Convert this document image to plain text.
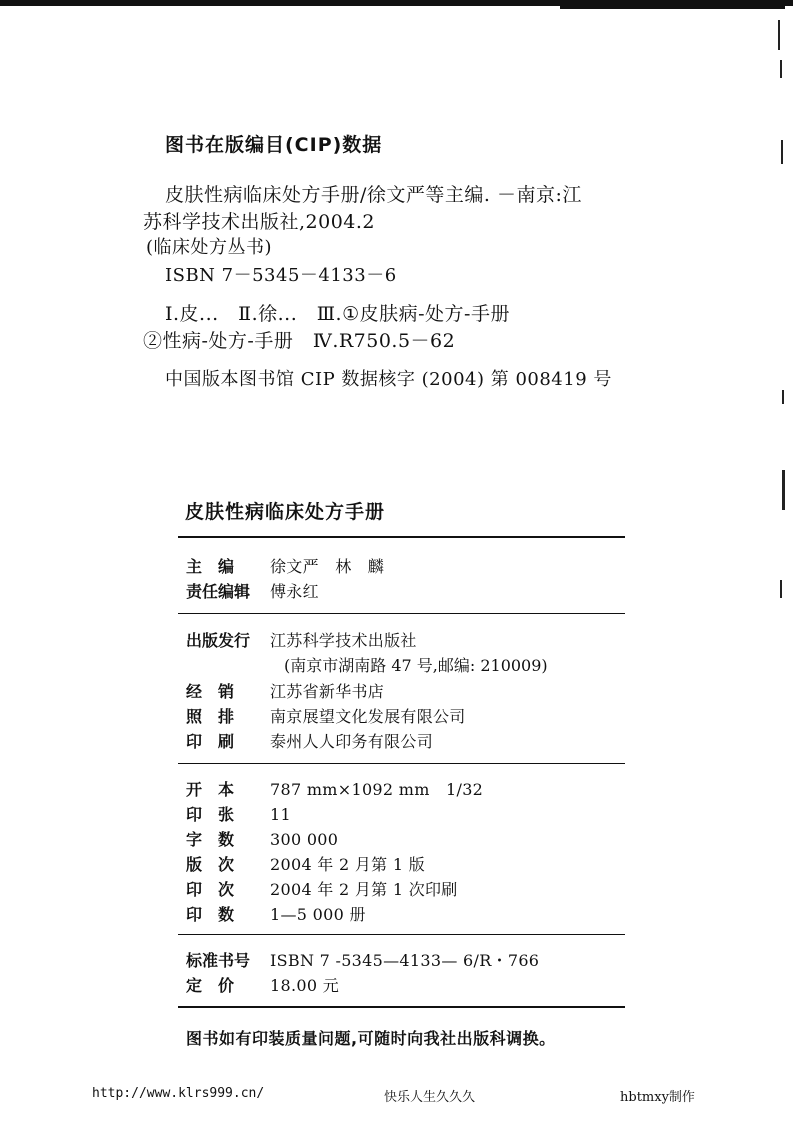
图书在版编目(CIP)数据
皮肤性病临床处方手册/徐文严等主编. －南京:江
苏科学技术出版社,2004.2
(临床处方丛书)
ISBN 7－5345－4133－6
Ⅰ.皮...　Ⅱ.徐...　Ⅲ.①皮肤病-处方-手册
②性病-处方-手册　Ⅳ.R750.5－62
中国版本图书馆 CIP 数据核字 (2004) 第 008419 号
皮肤性病临床处方手册
主　编 徐文严　林　麟
责任编辑 傅永红
出版发行 江苏科学技术出版社
(南京市湖南路 47 号,邮编: 210009)
经　销 江苏省新华书店
照　排 南京展望文化发展有限公司
印　刷 泰州人人印务有限公司
开　本 787 mm×1092 mm　1/32
印　张 11
字　数 300 000
版　次 2004 年 2 月第 1 版
印　次 2004 年 2 月第 1 次印刷
印　数 1—5 000 册
标准书号 ISBN 7 -5345—4133— 6/R・766
定　价 18.00 元
图书如有印装质量问题,可随时向我社出版科调换。
http://www.klrs999.cn/	快乐人生久久久	hbtmxy制作
